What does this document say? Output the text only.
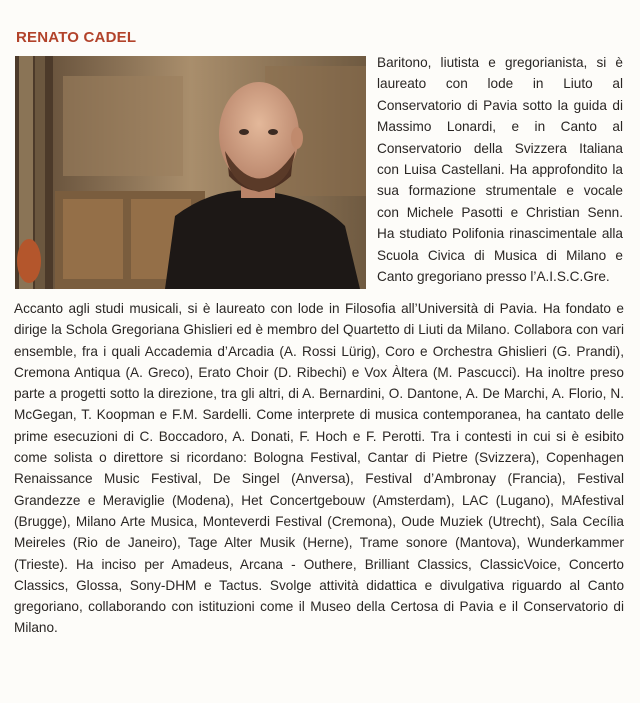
RENATO CADEL
Baritono, liutista e gregorianista, si è laureato con lode in Liuto al Conservatorio di Pavia sotto la guida di Massimo Lonardi, e in Canto al Conservatorio della Svizzera Italiana con Luisa Castellani. Ha approfondito la sua formazione strumentale e vocale con Michele Pasotti e Christian Senn. Ha studiato Polifonia rinascimentale alla Scuola Civica di Musica di Milano e Canto gregoriano presso l’A.I.S.C.Gre.
Accanto agli studi musicali, si è laureato con lode in Filosofia all’Università di Pavia. Ha fondato e dirige la Schola Gregoriana Ghislieri ed è membro del Quartetto di Liuti da Milano. Collabora con vari ensemble, fra i quali Accademia d’Arcadia (A. Rossi Lürig), Coro e Orchestra Ghislieri (G. Prandi), Cremona Antiqua (A. Greco), Erato Choir (D. Ribechi) e Vox Àltera (M. Pascucci). Ha inoltre preso parte a progetti sotto la direzione, tra gli altri, di A. Bernardini, O. Dantone, A. De Marchi, A. Florio, N. McGegan, T. Koopman e F.M. Sardelli. Come interprete di musica contemporanea, ha cantato delle prime esecuzioni di C. Boccadoro, A. Donati, F. Hoch e F. Perotti. Tra i contesti in cui si è esibito come solista o direttore si ricordano: Bologna Festival, Cantar di Pietre (Svizzera), Copenhagen Renaissance Music Festival, De Singel (Anversa), Festival d’Ambronay (Francia), Festival Grandezze e Meraviglie (Modena), Het Concertgebouw (Amsterdam), LAC (Lugano), MAfestival (Brugge), Milano Arte Musica, Monteverdi Festival (Cremona), Oude Muziek (Utrecht), Sala Cecília Meireles (Rio de Janeiro), Tage Alter Musik (Herne), Trame sonore (Mantova), Wunderkammer (Trieste). Ha inciso per Amadeus, Arcana - Outhere, Brilliant Classics, ClassicVoice, Concerto Classics, Glossa, Sony-DHM e Tactus. Svolge attività didattica e divulgativa riguardo al Canto gregoriano, collaborando con istituzioni come il Museo della Certosa di Pavia e il Conservatorio di Milano.
